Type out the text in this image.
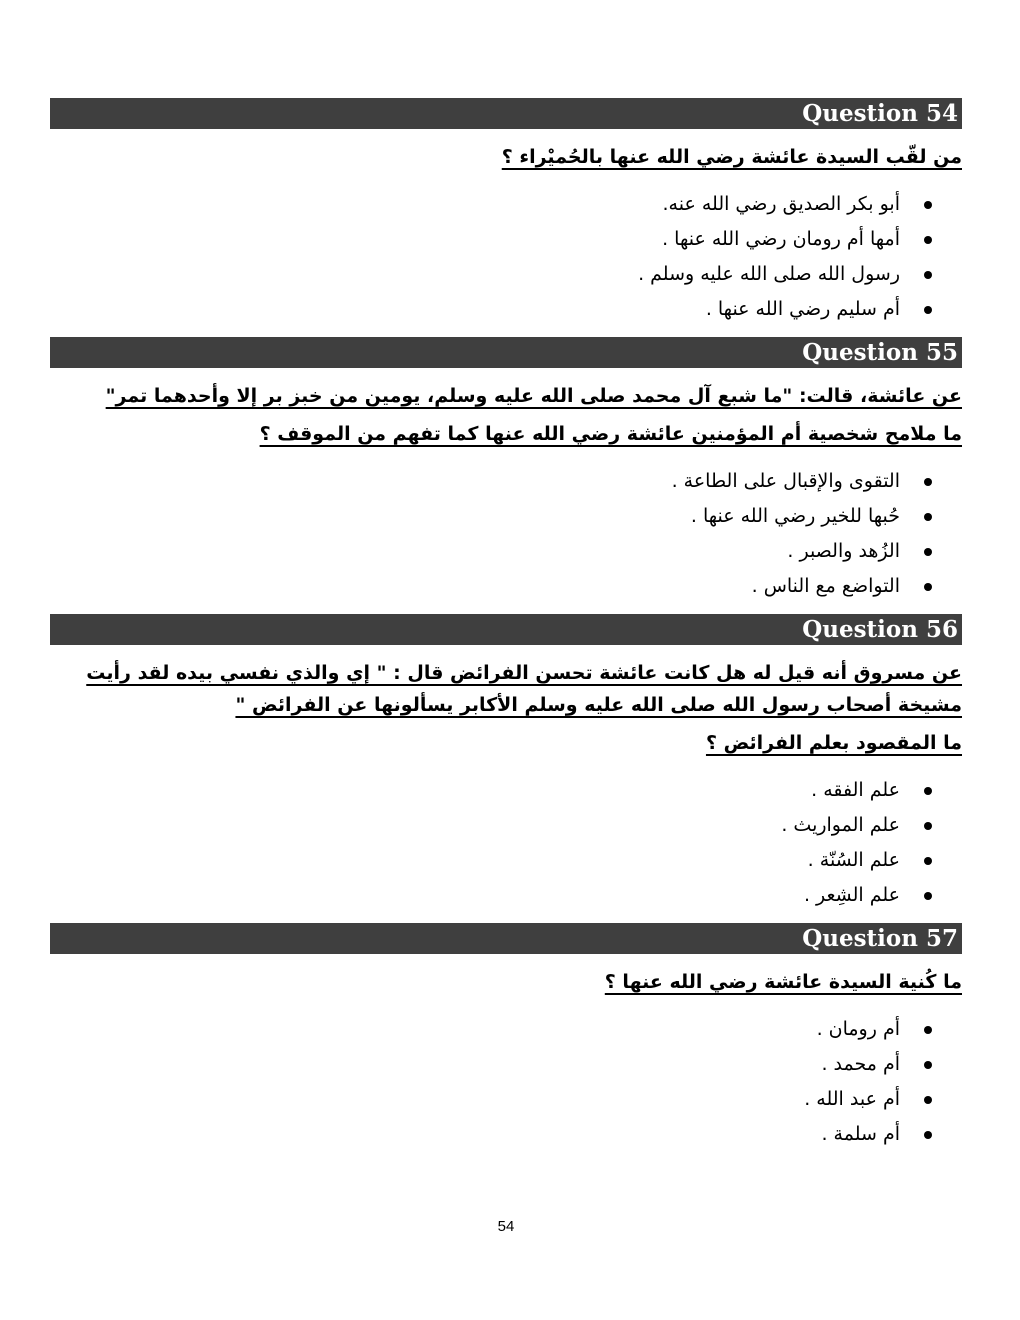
Question 54
من لقّب السيدة عائشة رضي الله عنها بالحُميْراء ؟
أبو بكر الصديق رضي الله عنه.
أمها أم رومان رضي الله عنها .
رسول الله صلى الله عليه وسلم .
أم سليم رضي الله عنها .
Question 55
عن عائشة، قالت: "ما شبع آل محمد صلى الله عليه وسلم، يومين من خبز بر إلا وأحدهما تمر"
ما ملامح شخصية أم المؤمنين عائشة رضي الله عنها كما تفهم من الموقف ؟
التقوى والإقبال على الطاعة .
حُبها للخير رضي الله عنها .
الزُهد والصبر .
التواضع مع الناس .
Question 56
عن مسروق أنه قيل له هل كانت عائشة تحسن الفرائض قال : " إي والذي نفسي بيده لقد رأيت مشيخة أصحاب رسول الله صلى الله عليه وسلم الأكابر يسألونها عن الفرائض "
ما المقصود بعلم الفرائض ؟
علم الفقه .
علم المواريث .
علم السُنّة .
علم الشِعر .
Question 57
ما كُنية السيدة عائشة رضي الله عنها ؟
أم رومان .
أم محمد .
أم عبد الله .
أم سلمة .
54
